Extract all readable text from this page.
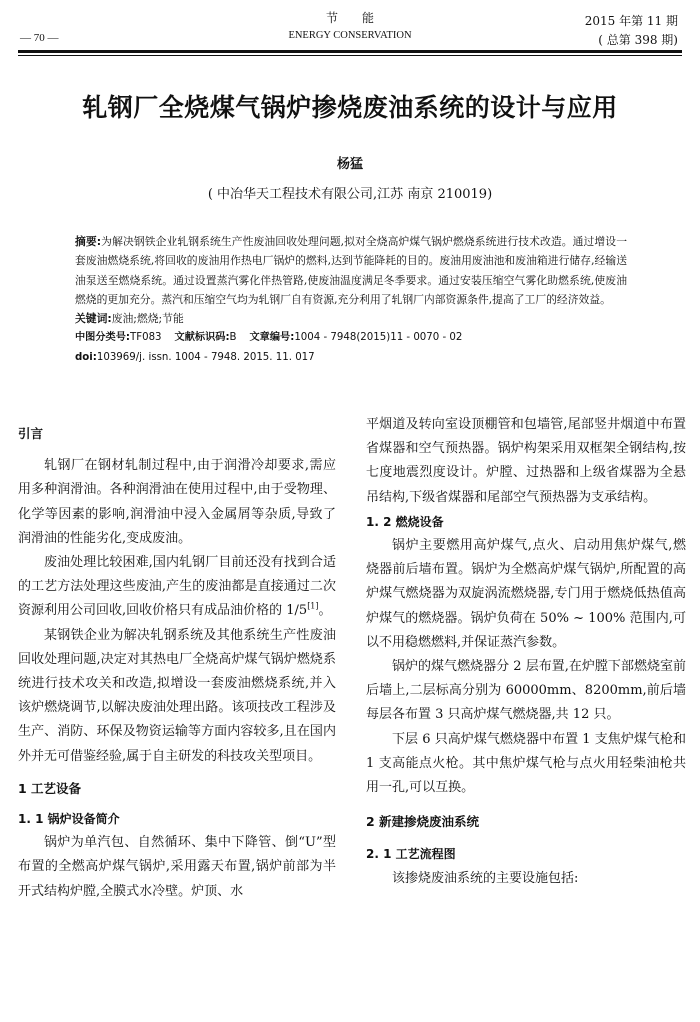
节能
ENERGY CONSERVATION
— 70 —
2015 年第 11 期
( 总第 398 期)
轧钢厂全烧煤气锅炉掺烧废油系统的设计与应用
杨猛
( 中冶华天工程技术有限公司,江苏 南京 210019)

摘要:为解决钢铁企业轧钢系统生产性废油回收处理问题,拟对全烧高炉煤气锅炉燃烧系统进行技术改造。通过增设一套废油燃烧系统,将回收的废油用作热电厂锅炉的燃料,达到节能降耗的目的。废油用废油池和废油箱进行储存,经输送油泵送至燃烧系统。通过设置蒸汽雾化伴热管路,使废油温度满足冬季要求。通过安装压缩空气雾化助燃系统,使废油燃烧的更加充分。蒸汽和压缩空气均为轧钢厂自有资源,充分利用了轧钢厂内部资源条件,提高了工厂的经济效益。

关键词:废油;燃烧;节能

中图分类号:TF083 文献标识码:B 文章编号:1004 - 7948(2015)11 - 0070 - 02

doi:103969/j. issn. 1004 - 7948. 2015. 11. 017

引言

轧钢厂在钢材轧制过程中,由于润滑冷却要求,需应用多种润滑油。各种润滑油在使用过程中,由于受物理、化学等因素的影响,润滑油中浸入金属屑等杂质,导致了润滑油的性能劣化,变成废油。

废油处理比较困难,国内轧钢厂目前还没有找到合适的工艺方法处理这些废油,产生的废油都是直接通过二次资源利用公司回收,回收价格只有成品油价格的 1/5[1]。

某钢铁企业为解决轧钢系统及其他系统生产性废油回收处理问题,决定对其热电厂全烧高炉煤气锅炉燃烧系统进行技术攻关和改造,拟增设一套废油燃烧系统,并入该炉燃烧调节,以解决废油处理出路。该项技改工程涉及生产、消防、环保及物资运输等方面内容较多,且在国内外并无可借鉴经验,属于自主研发的科技攻关型项目。

1 工艺设备

1. 1 锅炉设备简介

锅炉为单汽包、自然循环、集中下降管、倒“U”型布置的全燃高炉煤气锅炉,采用露天布置,锅炉前部为半开式结构炉膛,全膜式水冷壁。炉顶、水

平烟道及转向室设顶棚管和包墙管,尾部竖井烟道中布置省煤器和空气预热器。锅炉构架采用双框架全钢结构,按七度地震烈度设计。炉膛、过热器和上级省煤器为全悬吊结构,下级省煤器和尾部空气预热器为支承结构。

1. 2 燃烧设备

锅炉主要燃用高炉煤气,点火、启动用焦炉煤气,燃烧器前后墙布置。锅炉为全燃高炉煤气锅炉,所配置的高炉煤气燃烧器为双旋涡流燃烧器,专门用于燃烧低热值高炉煤气的燃烧器。锅炉负荷在 50% ~ 100% 范围内,可以不用稳燃燃料,并保证蒸汽参数。

锅炉的煤气燃烧器分 2 层布置,在炉膛下部燃烧室前后墙上,二层标高分别为 60000mm、8200mm,前后墙每层各布置 3 只高炉煤气燃烧器,共 12 只。

下层 6 只高炉煤气燃烧器中布置 1 支焦炉煤气枪和 1 支高能点火枪。其中焦炉煤气枪与点火用轻柴油枪共用一孔,可以互换。

2 新建掺烧废油系统

2. 1 工艺流程图

该掺烧废油系统的主要设施包括:
